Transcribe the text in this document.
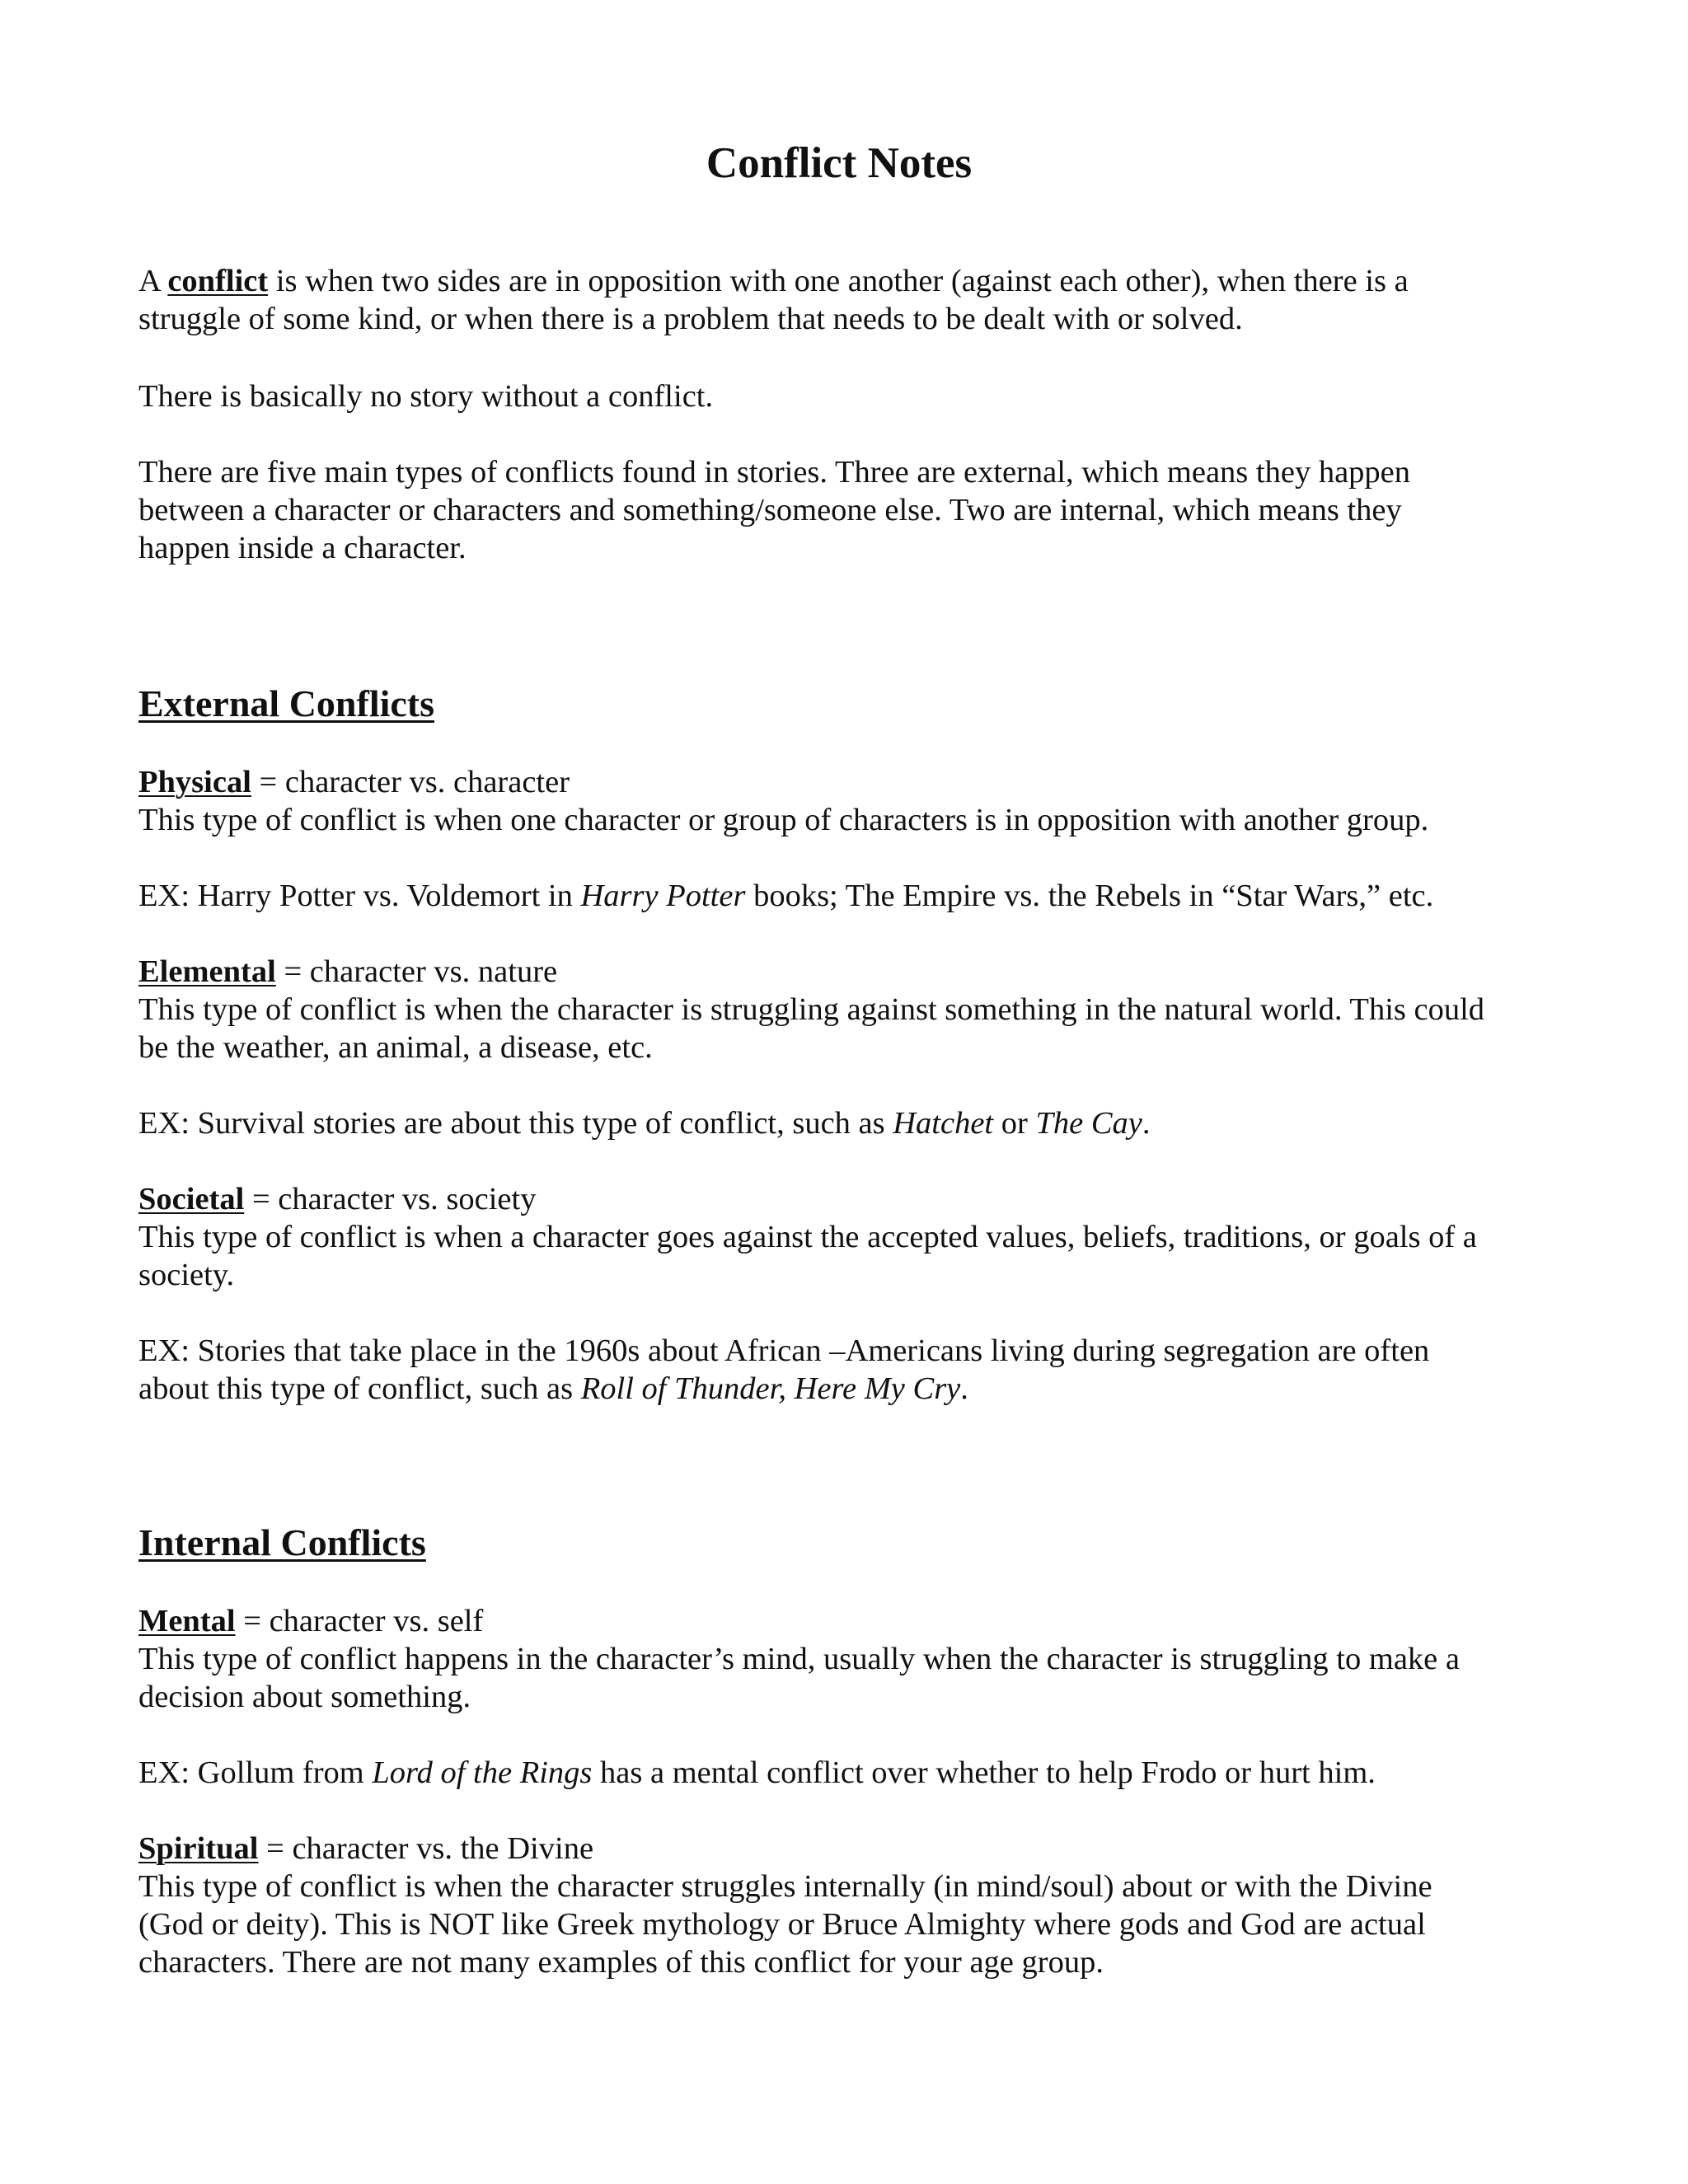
Conflict Notes

A conflict is when two sides are in opposition with one another (against each other), when there is a
struggle of some kind, or when there is a problem that needs to be dealt with or solved.

There is basically no story without a conflict.

There are five main types of conflicts found in stories. Three are external, which means they happen
between a character or characters and something/someone else. Two are internal, which means they
happen inside a character.

External Conflicts

Physical = character vs. character
This type of conflict is when one character or group of characters is in opposition with another group.

EX: Harry Potter vs. Voldemort in Harry Potter books; The Empire vs. the Rebels in “Star Wars,” etc.

Elemental = character vs. nature
This type of conflict is when the character is struggling against something in the natural world. This could
be the weather, an animal, a disease, etc.

EX: Survival stories are about this type of conflict, such as Hatchet or The Cay.

Societal = character vs. society
This type of conflict is when a character goes against the accepted values, beliefs, traditions, or goals of a
society.

EX: Stories that take place in the 1960s about African –Americans living during segregation are often
about this type of conflict, such as Roll of Thunder, Here My Cry.

Internal Conflicts

Mental = character vs. self
This type of conflict happens in the character’s mind, usually when the character is struggling to make a
decision about something.

EX: Gollum from Lord of the Rings has a mental conflict over whether to help Frodo or hurt him.

Spiritual = character vs. the Divine
This type of conflict is when the character struggles internally (in mind/soul) about or with the Divine
(God or deity). This is NOT like Greek mythology or Bruce Almighty where gods and God are actual
characters. There are not many examples of this conflict for your age group.
